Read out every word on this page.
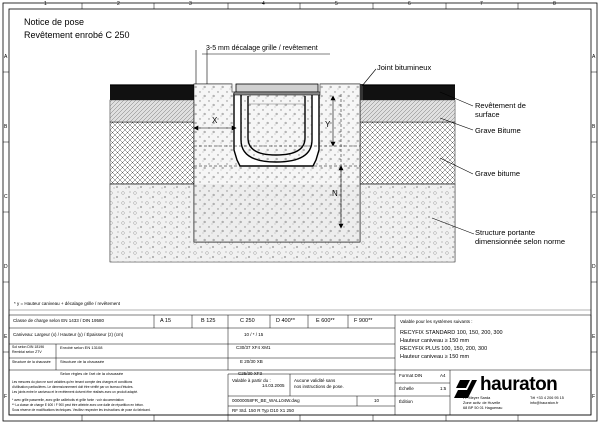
1	2	3	4	5	6	7	8
A
B
C
D
E
F
A
B
C
D
E
F
Notice de pose
Revêtement enrobé C 250
3-5 mm décalage grille / revêtement
Joint bitumineux
Revêtement de
surface
Grave Bitume
Grave bitume
Structure portante
dimensionnée selon norme
X	Y
N
* y = Hauteur caniveau + décalage grille / revêtement
Classe de charge selon EN 1433 / DIN 19580	A 15	B 125	C 250	D 400**	E 600**	F 900**
Caniveau: Largeur (x) / Hauteur (y) / Épaisseur (z) (cm)	10 / * / 15
Enrobé selon EN 13108	C30/37 XF4 XM1
Sol selon DIN 18196
Remblai selon ZTV
Structure de la chaussée Structure de la chaussée	E 20/30 XB
Selon règles de l'art de la chaussée	C25/30 XF3
Valable pour les systèmes suivants :
RECYFIX STANDARD 100, 150, 200, 300
Hauteur caniveau ≥ 150 mm
RECYFIX PLUS 100, 150, 200, 300
Hauteur caniveau ≥ 150 mm
Les mesures du plan ne sont valables qu'en tenant compte des charges et conditions
d'utilisation particulières. Le dimensionnement doit être vérifié par un bureau d'études.
Les joints entre le caniveau et le revêtement doivent être réalisés avec un produit adapté.
* avec grille passerelle, avec grille caillebotis et grille fonte : voir documentation
** La classe de charge E 600 / F 900 peut être atteinte avec une dalle de répartition en béton.
Sous réserve de modifications techniques. Veuillez respecter les instructions de pose du fabricant.
Valable à partir du :
14.03.2005
Aucune validité sans
nos instructions de pose.
00000058FR_BE_WALL04W.dwg	10
RF Std. 150 R Typ D10 X1 250
Format DIN	A4
Échelle	1:5
Édition
hauraton
Fr. Meyer Sarda
Zone activ. de Huvelle
68 BP 50 01 Haguenau
Tél +33 4 206 95 15
info@hauraton.fr
